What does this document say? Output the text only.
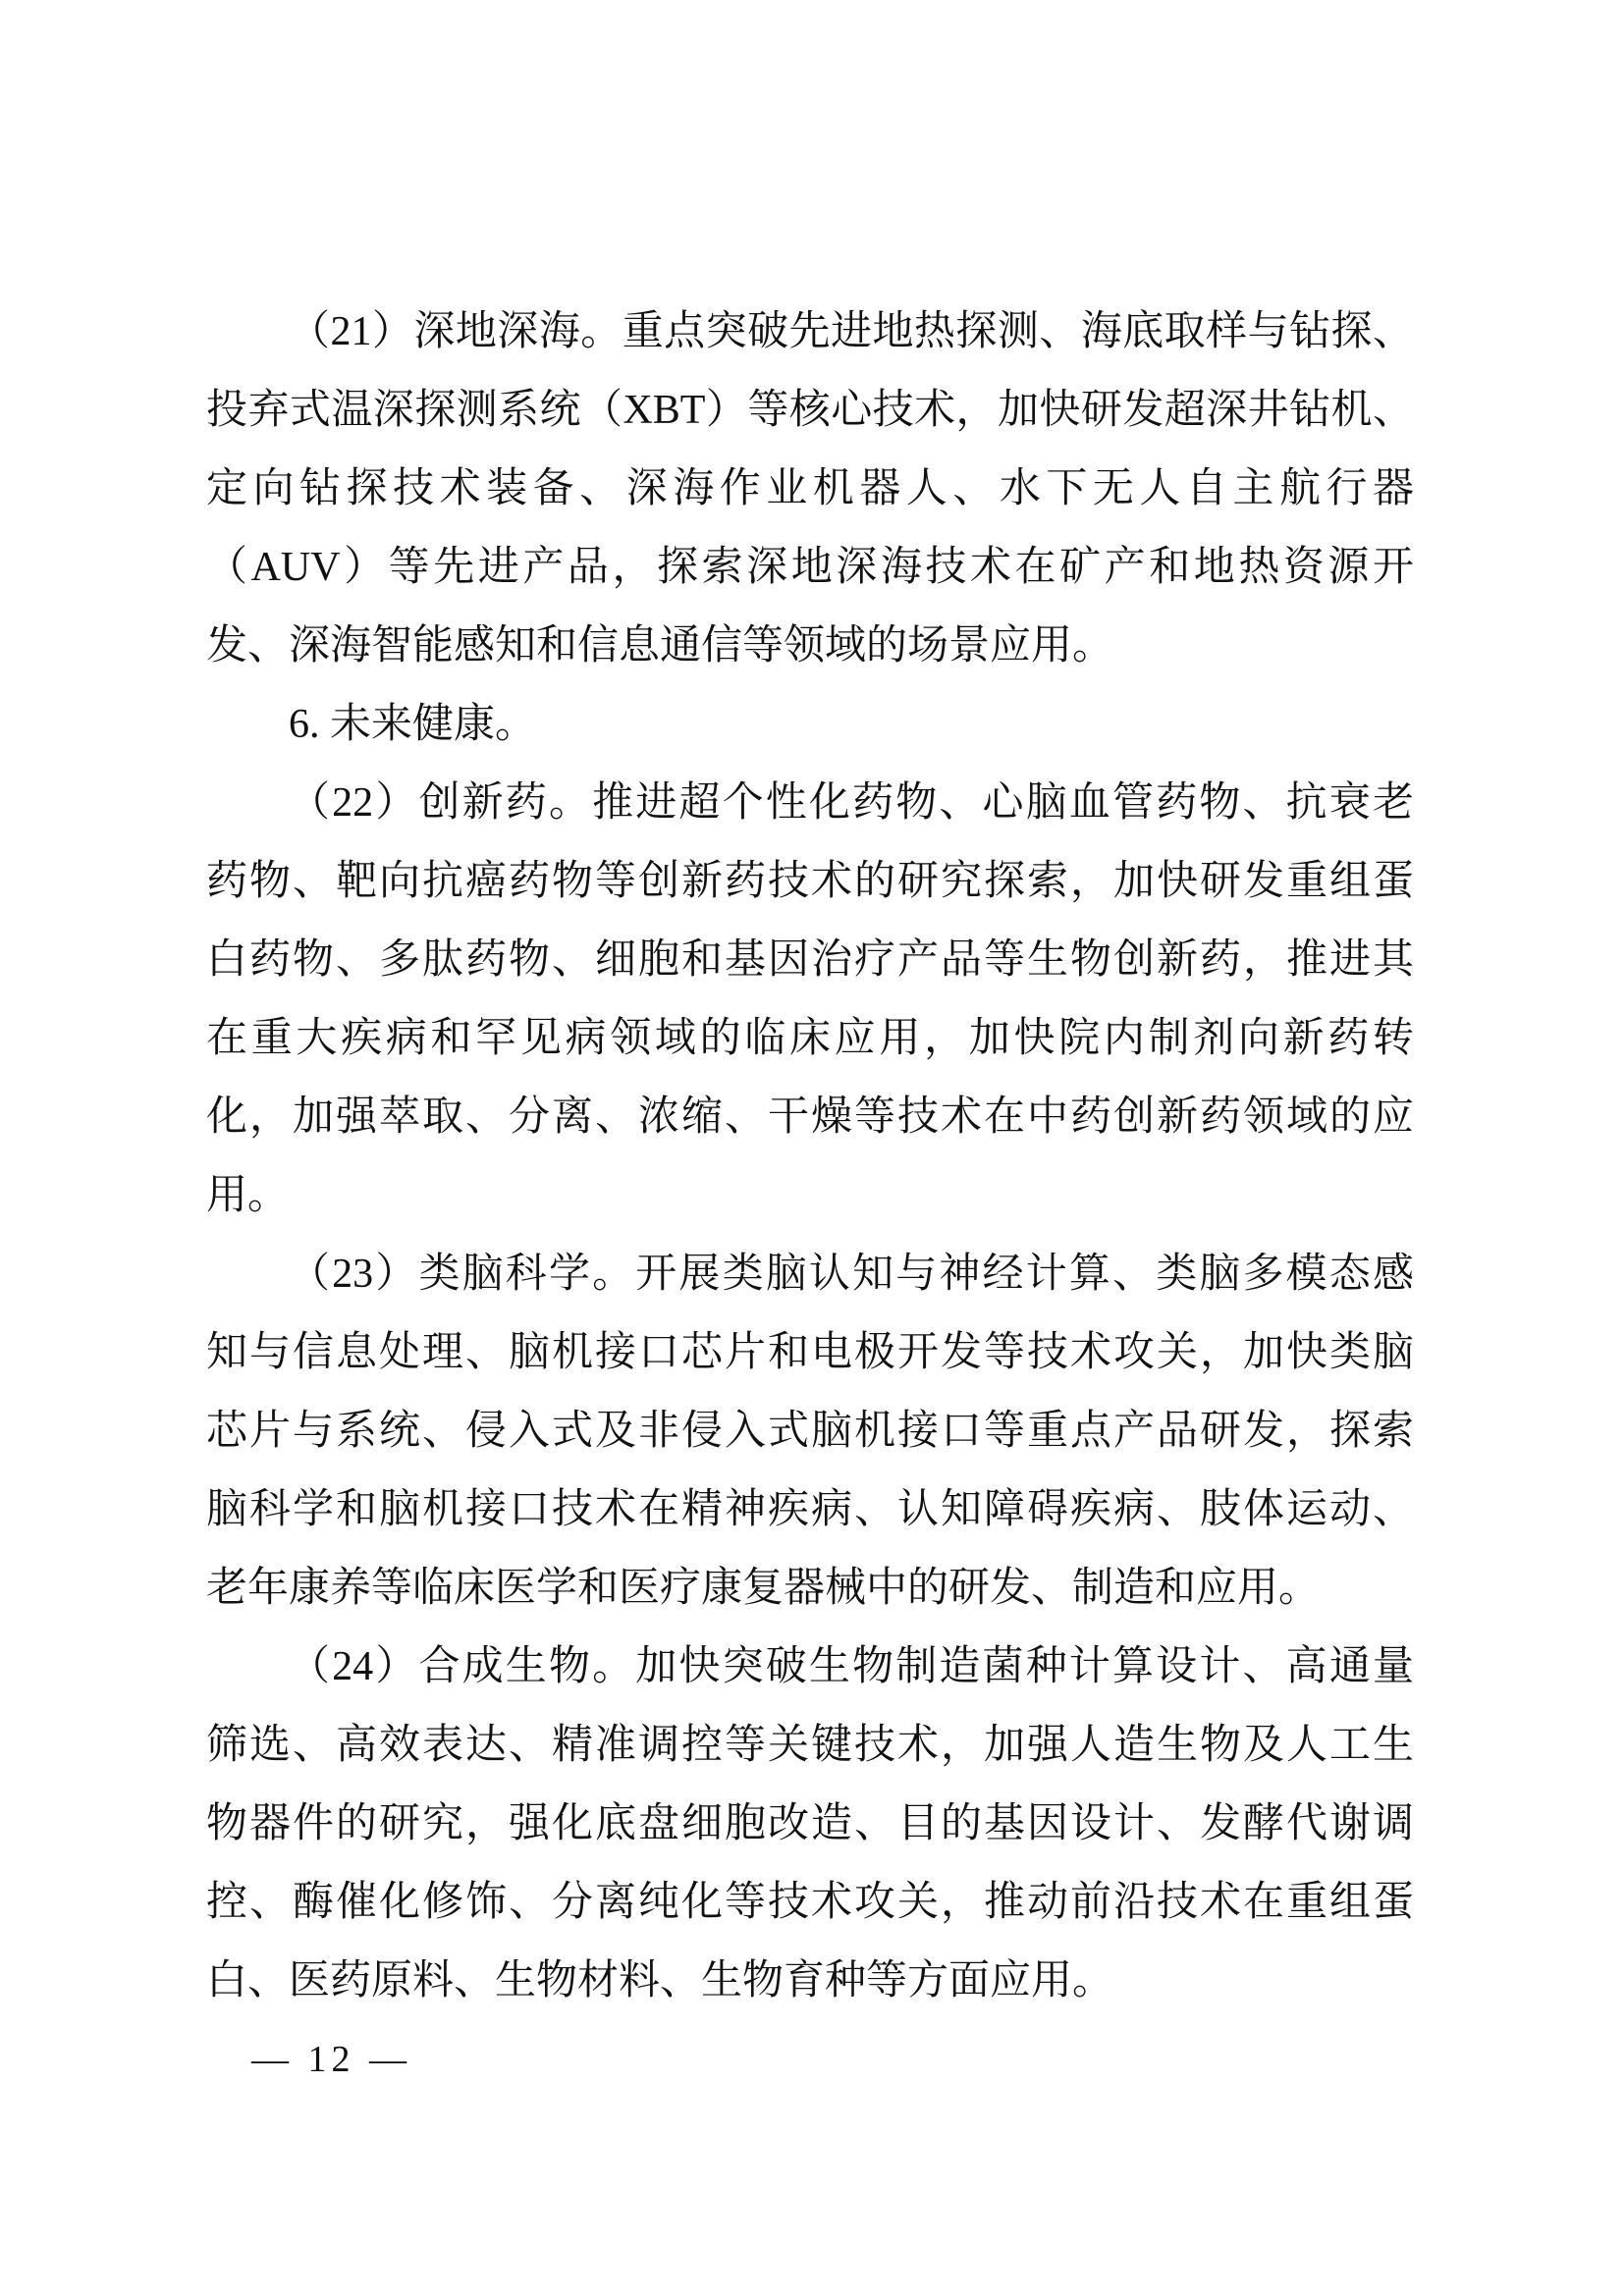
（21）深地深海。重点突破先进地热探测、海底取样与钻探、
投弃式温深探测系统（XBT）等核心技术，加快研发超深井钻机、
定向钻探技术装备、深海作业机器人、水下无人自主航行器
（AUV）等先进产品，探索深地深海技术在矿产和地热资源开
发、深海智能感知和信息通信等领域的场景应用。
6. 未来健康。
（22）创新药。推进超个性化药物、心脑血管药物、抗衰老
药物、靶向抗癌药物等创新药技术的研究探索，加快研发重组蛋
白药物、多肽药物、细胞和基因治疗产品等生物创新药，推进其
在重大疾病和罕见病领域的临床应用，加快院内制剂向新药转
化，加强萃取、分离、浓缩、干燥等技术在中药创新药领域的应
用。
（23）类脑科学。开展类脑认知与神经计算、类脑多模态感
知与信息处理、脑机接口芯片和电极开发等技术攻关，加快类脑
芯片与系统、侵入式及非侵入式脑机接口等重点产品研发，探索
脑科学和脑机接口技术在精神疾病、认知障碍疾病、肢体运动、
老年康养等临床医学和医疗康复器械中的研发、制造和应用。
（24）合成生物。加快突破生物制造菌种计算设计、高通量
筛选、高效表达、精准调控等关键技术，加强人造生物及人工生
物器件的研究，强化底盘细胞改造、目的基因设计、发酵代谢调
控、酶催化修饰、分离纯化等技术攻关，推动前沿技术在重组蛋
白、医药原料、生物材料、生物育种等方面应用。
— 12 —
